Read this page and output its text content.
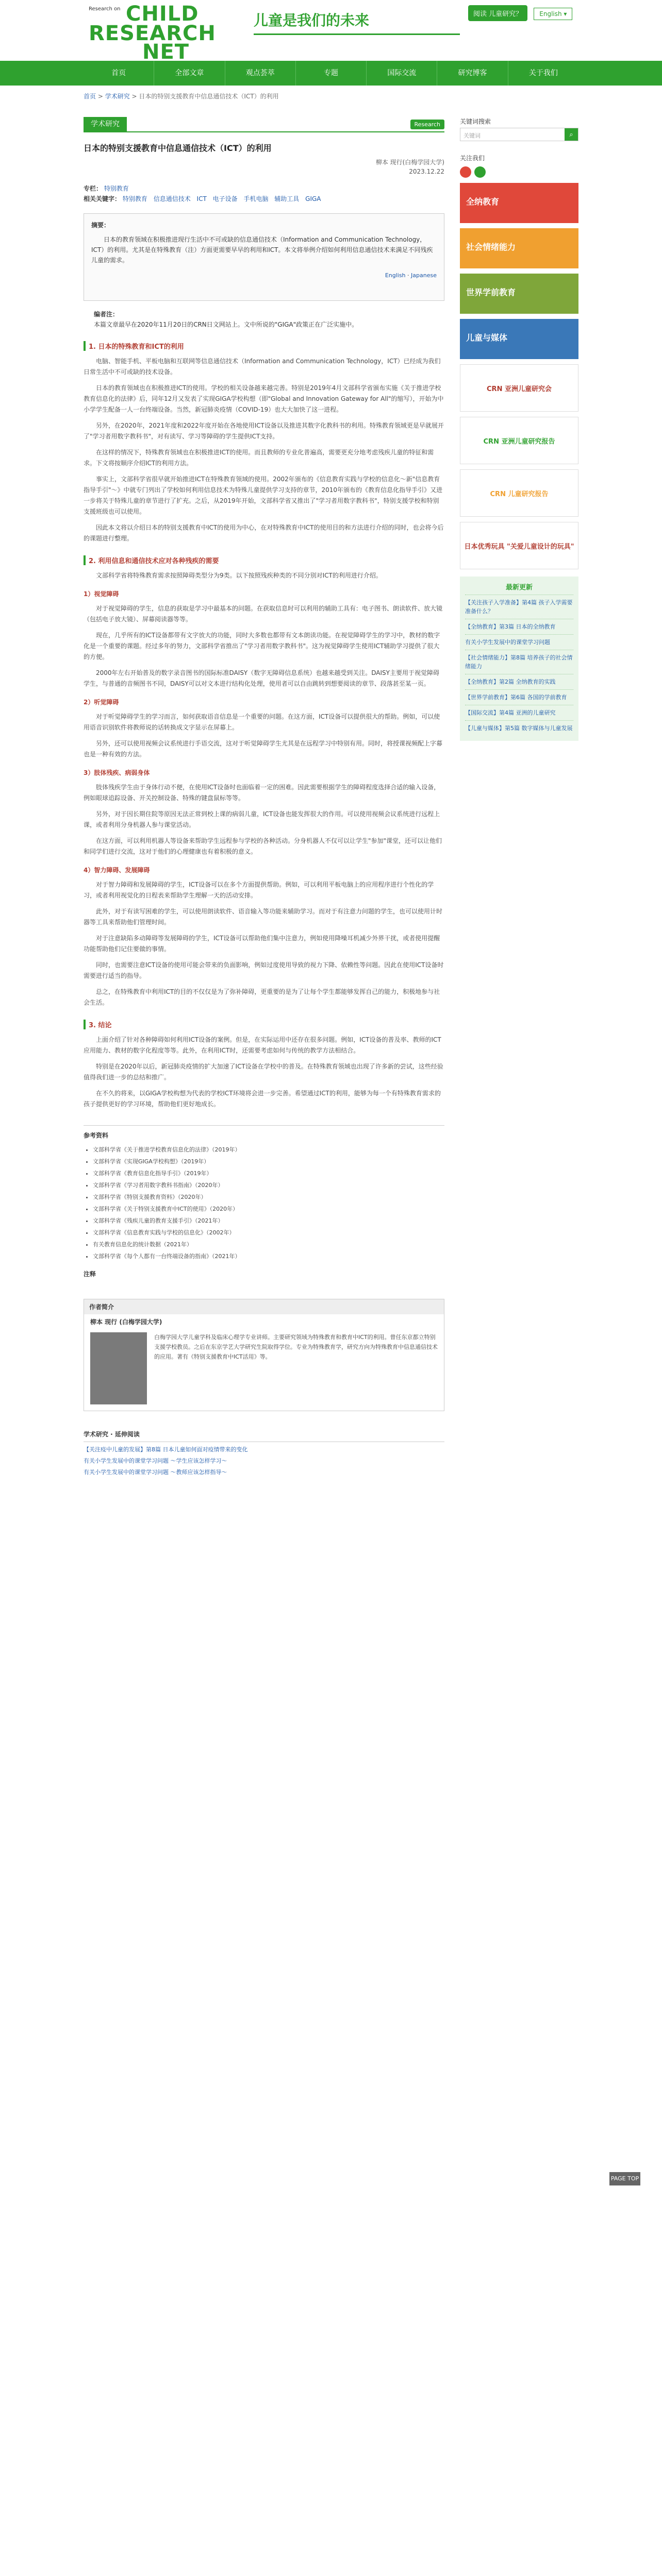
Research on CHILD
RESEARCH
NET
儿童是我们的未来	阅读 儿童研究？	English ▾
首页	全部文章	观点荟萃	专题	国际交流	研究博客	关于我们
首页 > 学术研究 > 日本的特别支援教育中信息通信技术（ICT）的利用
学术研究	Research
日本的特别支援教育中信息通信技术（ICT）的利用
柳本 现行(白梅学园大学)
2023.12.22
专栏： 特别教育
相关关键字： 特别教育 信息通信技术 ICT 电子设备 手机电脑 辅助工具 GIGA
摘要：
日本的教育领域在积极推进现行生活中不可或缺的信息通信技术（Information and Communication Technology，ICT）的利用。尤其是在特殊教育（注）方面更需要早早的利用和ICT。本文将举例介绍如何利用信息通信技术来满足不同残疾儿童的需求。
English · Japanese
编者注：
本篇文章最早在2020年11月20日的CRN日文网站上。文中所说的"GIGA"政策正在广泛实施中。
1. 日本的特殊教育和ICT的利用

电脑、智能手机、平板电脑和互联网等信息通信技术（Information and Communication Technology，ICT）已经成为我们日常生活中不可或缺的技术设备。

日本的教育领域也在积极推进ICT的使用。学校的相关设备越来越完善。特别是2019年4月文部科学省颁布实施《关于推进学校教育信息化的法律》后，同年12月又发表了实现GIGA学校构想（即"Global and Innovation Gateway for All"的缩写），开始为中小学学生配备一人一台终端设备。当然，新冠肺炎疫情（COVID-19）也大大加快了这一进程。

另外，在2020年，2021年度和2022年度开始在各地使用ICT设备以及推进其数字化教科书的利用。特殊教育领域更是早就展开了"学习者用数字教科书"，对有读写、学习等障碍的学生提供ICT支持。

在这样的情况下，特殊教育领域也在积极推进ICT的使用。而且教师的专业化普遍高，需要更充分地考虑残疾儿童的特征和需求。下文将按顺序介绍ICT的利用方法。

事实上，文部科学省很早就开始推进ICT在特殊教育领域的使用。2002年颁布的《信息教育实践与学校的信息化～新"信息教育指导手引"～》中就专门列出了学校如何利用信息技术为特殊儿童提供学习支持的章节，2010年颁布的《教育信息化指导手引》又进一步将关于特殊儿童的章节进行了扩充。之后，从2019年开始，文部科学省又推出了"学习者用数字教科书"，特别支援学校和特别支援班级也可以使用。

因此本文将以介绍日本的特别支援教育中ICT的使用为中心，在对特殊教育中ICT的使用目的和方法进行介绍的同时，也会将今后的课题进行整理。

2. 利用信息和通信技术应对各种残疾的需要

文部科学省将特殊教育需求按照障碍类型分为9类。以下按照残疾种类的不同分别对ICT的利用进行介绍。

1）视觉障碍

对于视觉障碍的学生，信息的获取是学习中最基本的问题。在获取信息时可以利用的辅助工具有：电子图书、朗读软件、放大镜（包括电子放大镜）、屏幕阅读器等等。

现在，几乎所有的ICT设备都带有文字放大的功能，同时大多数也都带有文本朗读功能。在视觉障碍学生的学习中，教材的数字化是一个重要的课题。经过多年的努力，文部科学省推出了"学习者用数字教科书"。这为视觉障碍学生使用ICT辅助学习提供了很大的方便。

2000年左右开始普及的数字录音图书的国际标准DAISY（数字无障碍信息系统）也越来越受到关注。DAISY主要用于视觉障碍学生，与普通的音频图书不同，DAISY可以对文本进行结构化处理，使用者可以自由跳转到想要阅读的章节、段落甚至某一页。

2）听觉障碍

对于听觉障碍学生的学习而言，如何获取语音信息是一个重要的问题。在这方面，ICT设备可以提供很大的帮助。例如，可以使用语音识别软件将教师说的话转换成文字显示在屏幕上。

另外，还可以使用视频会议系统进行手语交流，这对于听觉障碍学生尤其是在远程学习中特别有用。同时，将授课视频配上字幕也是一种有效的方法。

3）肢体残疾、病弱身体

肢体残疾学生由于身体行动不便，在使用ICT设备时也面临着一定的困难。因此需要根据学生的障碍程度选择合适的输入设备，例如眼球追踪设备、开关控制设备、特殊的键盘鼠标等等。

另外，对于因长期住院等原因无法正常到校上课的病弱儿童，ICT设备也能发挥很大的作用。可以使用视频会议系统进行远程上课，或者利用分身机器人参与课堂活动。

在这方面，可以利用机器人等设备来帮助学生远程参与学校的各种活动。分身机器人不仅可以让学生"参加"课堂，还可以让他们和同学们进行交流，这对于他们的心理健康也有着积极的意义。

4）智力障碍、发展障碍

对于智力障碍和发展障碍的学生，ICT设备可以在多个方面提供帮助。例如，可以利用平板电脑上的应用程序进行个性化的学习，或者利用视觉化的日程表来帮助学生理解一天的活动安排。

此外，对于有读写困难的学生，可以使用朗读软件、语音输入等功能来辅助学习。而对于有注意力问题的学生，也可以使用计时器等工具来帮助他们管理时间。

对于注意缺陷多动障碍等发展障碍的学生，ICT设备可以帮助他们集中注意力，例如使用降噪耳机减少外界干扰，或者使用提醒功能帮助他们记住要做的事情。

同时，也需要注意ICT设备的使用可能会带来的负面影响，例如过度使用导致的视力下降、依赖性等问题。因此在使用ICT设备时需要进行适当的指导。

总之，在特殊教育中利用ICT的目的不仅仅是为了弥补障碍，更重要的是为了让每个学生都能够发挥自己的能力，积极地参与社会生活。

3. 结论

上面介绍了针对各种障碍如何利用ICT设备的案例。但是，在实际运用中还存在很多问题。例如，ICT设备的普及率、教师的ICT应用能力、教材的数字化程度等等。此外，在利用ICT时，还需要考虑如何与传统的教学方法相结合。

特别是在2020年以后，新冠肺炎疫情的扩大加速了ICT设备在学校中的普及。在特殊教育领域也出现了许多新的尝试，这些经验值得我们进一步的总结和推广。

在不久的将来，以GIGA学校构想为代表的学校ICT环境将会进一步完善。希望通过ICT的利用，能够为每一个有特殊教育需求的孩子提供更好的学习环境，帮助他们更好地成长。

参考资料
• 文部科学省《关于推进学校教育信息化的法律》（2019年）
• 文部科学省《实现GIGA学校构想》（2019年）
• 文部科学省《教育信息化指导手引》（2019年）
• 文部科学省《学习者用数字教科书指南》（2020年）
• 文部科学省《特别支援教育资料》（2020年）
• 文部科学省《关于特别支援教育中ICT的使用》（2020年）
• 文部科学省《残疾儿童的教育支援手引》（2021年）
• 文部科学省《信息教育实践与学校的信息化》（2002年）
• 有关教育信息化的统计数据（2021年）
• 文部科学省《每个人都有一台终端设备的指南》（2021年）
注释
作者简介
柳本 现行 (白梅学园大学)
白梅学园大学儿童学科及临床心理学专业讲师。主要研究领域为特殊教育和教育中ICT的利用。曾任东京都立特别支援学校教员。之后在东京学艺大学研究生院取得学位。专业为特殊教育学，研究方向为特殊教育中信息通信技术的应用。著有《特别支援教育中ICT活用》等。
学术研究 · 延伸阅读
【关注疫中儿童的发展】第8篇 日本儿童如何面对疫情带来的变化
有关小学生发展中的课堂学习问题 ～学生应该怎样学习～
有关小学生发展中的课堂学习问题 ～教师应该怎样指导～
关键词搜索
关键词	⌕
关注我们
全纳教育
社会情绪能力
世界学前教育
儿童与媒体
CRN 亚洲儿童研究会
CRN 亚洲儿童研究报告
CRN 儿童研究报告
日本优秀玩具 "关爱儿童设计的玩具"
最新更新
【关注孩子入学准备】第4篇 孩子入学需要准备什么？
【全纳教育】第3篇 日本的全纳教育
有关小学生发展中的课堂学习问题
【社会情绪能力】第8篇 培养孩子的社会情绪能力
【全纳教育】第2篇 全纳教育的实践
【世界学前教育】第6篇 各国的学前教育
【国际交流】第4篇 亚洲的儿童研究
【儿童与媒体】第5篇 数字媒体与儿童发展
PAGE TOP
